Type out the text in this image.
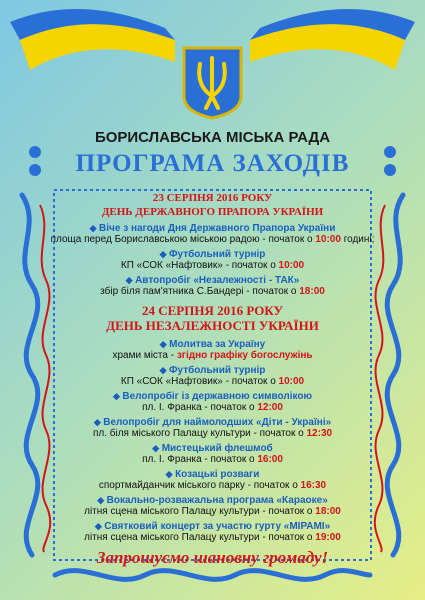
БОРИСЛАВСЬКА МІСЬКА РАДА
ПРОГРАМА ЗАХОДІВ
23 СЕРПНЯ 2016 РОКУ
ДЕНЬ ДЕРЖАВНОГО ПРАПОРА УКРАЇНИ
◆ Віче з нагоди Дня Державного Прапора України
площа перед Бориславською міською радою - початок о 10:00 годині;
◆ Футбольний турнір
КП «СОК «Нафтовик» - початок о 10:00
◆ Автопробіг «Незалежності - ТАК»
збір біля пам'ятника С.Бандері - початок о 18:00
24 СЕРПНЯ 2016 РОКУ
ДЕНЬ НЕЗАЛЕЖНОСТІ УКРАЇНИ
◆ Молитва за Україну
храми міста - згідно графіку богослужінь
◆ Футбольний турнір
КП «СОК «Нафтовик» - початок о 10:00
◆ Велопробіг із державною символікою
пл. І. Франка - початок о 12:00
◆ Велопробіг для наймолодших «Діти - Україні»
пл. біля міського Палацу культури - початок о 12:30
◆ Мистецький флешмоб
пл. І. Франка - початок о 16:00
◆ Козацькі розваги
спортмайданчик міського парку - початок о 16:30
◆ Вокально-розважальна програма «Караоке»
літня сцена міського Палацу культури - початок о 18:00
◆ Святковий концерт за участю гурту «МІРАМІ»
літня сцена міського Палацу культури - початок о 19:00
Запрошуємо шановну громаду!
